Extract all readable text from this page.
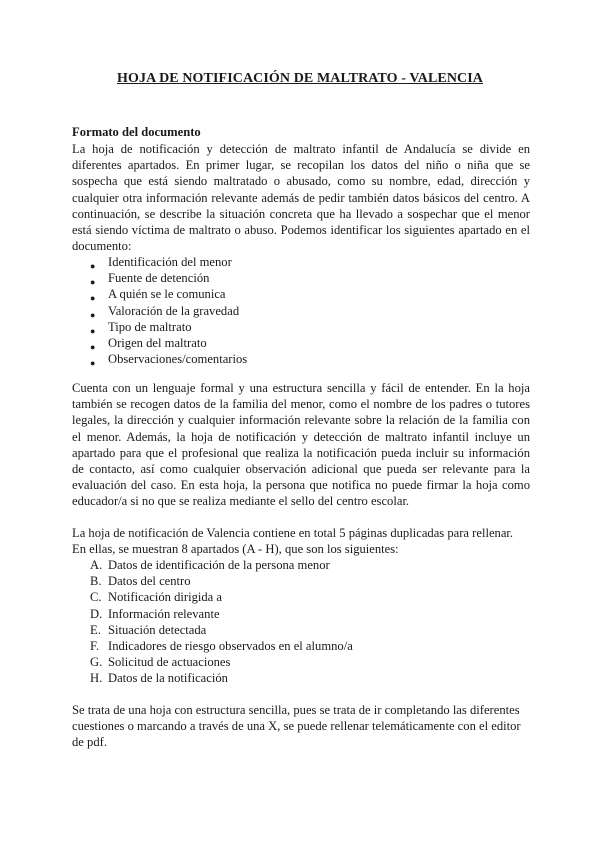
HOJA DE NOTIFICACIÓN DE MALTRATO - VALENCIA
Formato del documento
La hoja de notificación y detección de maltrato infantil de Andalucía se divide en diferentes apartados. En primer lugar, se recopilan los datos del niño o niña que se sospecha que está siendo maltratado o abusado, como su nombre, edad, dirección y cualquier otra información relevante además de pedir también datos básicos del centro. A continuación, se describe la situación concreta que ha llevado a sospechar que el menor está siendo víctima de maltrato o abuso. Podemos identificar los siguientes apartado en el documento:
● Identificación del menor
● Fuente de detención
● A quién se le comunica
● Valoración de la gravedad
● Tipo de maltrato
● Origen del maltrato
● Observaciones/comentarios
Cuenta con un lenguaje formal y una estructura sencilla y fácil de entender. En la hoja también se recogen datos de la familia del menor, como el nombre de los padres o tutores legales, la dirección y cualquier información relevante sobre la relación de la familia con el menor. Además, la hoja de notificación y detección de maltrato infantil incluye un apartado para que el profesional que realiza la notificación pueda incluir su información de contacto, así como cualquier observación adicional que pueda ser relevante para la evaluación del caso. En esta hoja, la persona que notifica no puede firmar la hoja como educador/a si no que se realiza mediante el sello del centro escolar.
La hoja de notificación de Valencia contiene en total 5 páginas duplicadas para rellenar. En ellas, se muestran 8 apartados (A - H), que son los siguientes:
A. Datos de identificación de la persona menor
B. Datos del centro
C. Notificación dirigida a
D. Información relevante
E. Situación detectada
F. Indicadores de riesgo observados en el alumno/a
G. Solicitud de actuaciones
H. Datos de la notificación
Se trata de una hoja con estructura sencilla, pues se trata de ir completando las diferentes cuestiones o marcando a través de una X, se puede rellenar telemáticamente con el editor de pdf.
